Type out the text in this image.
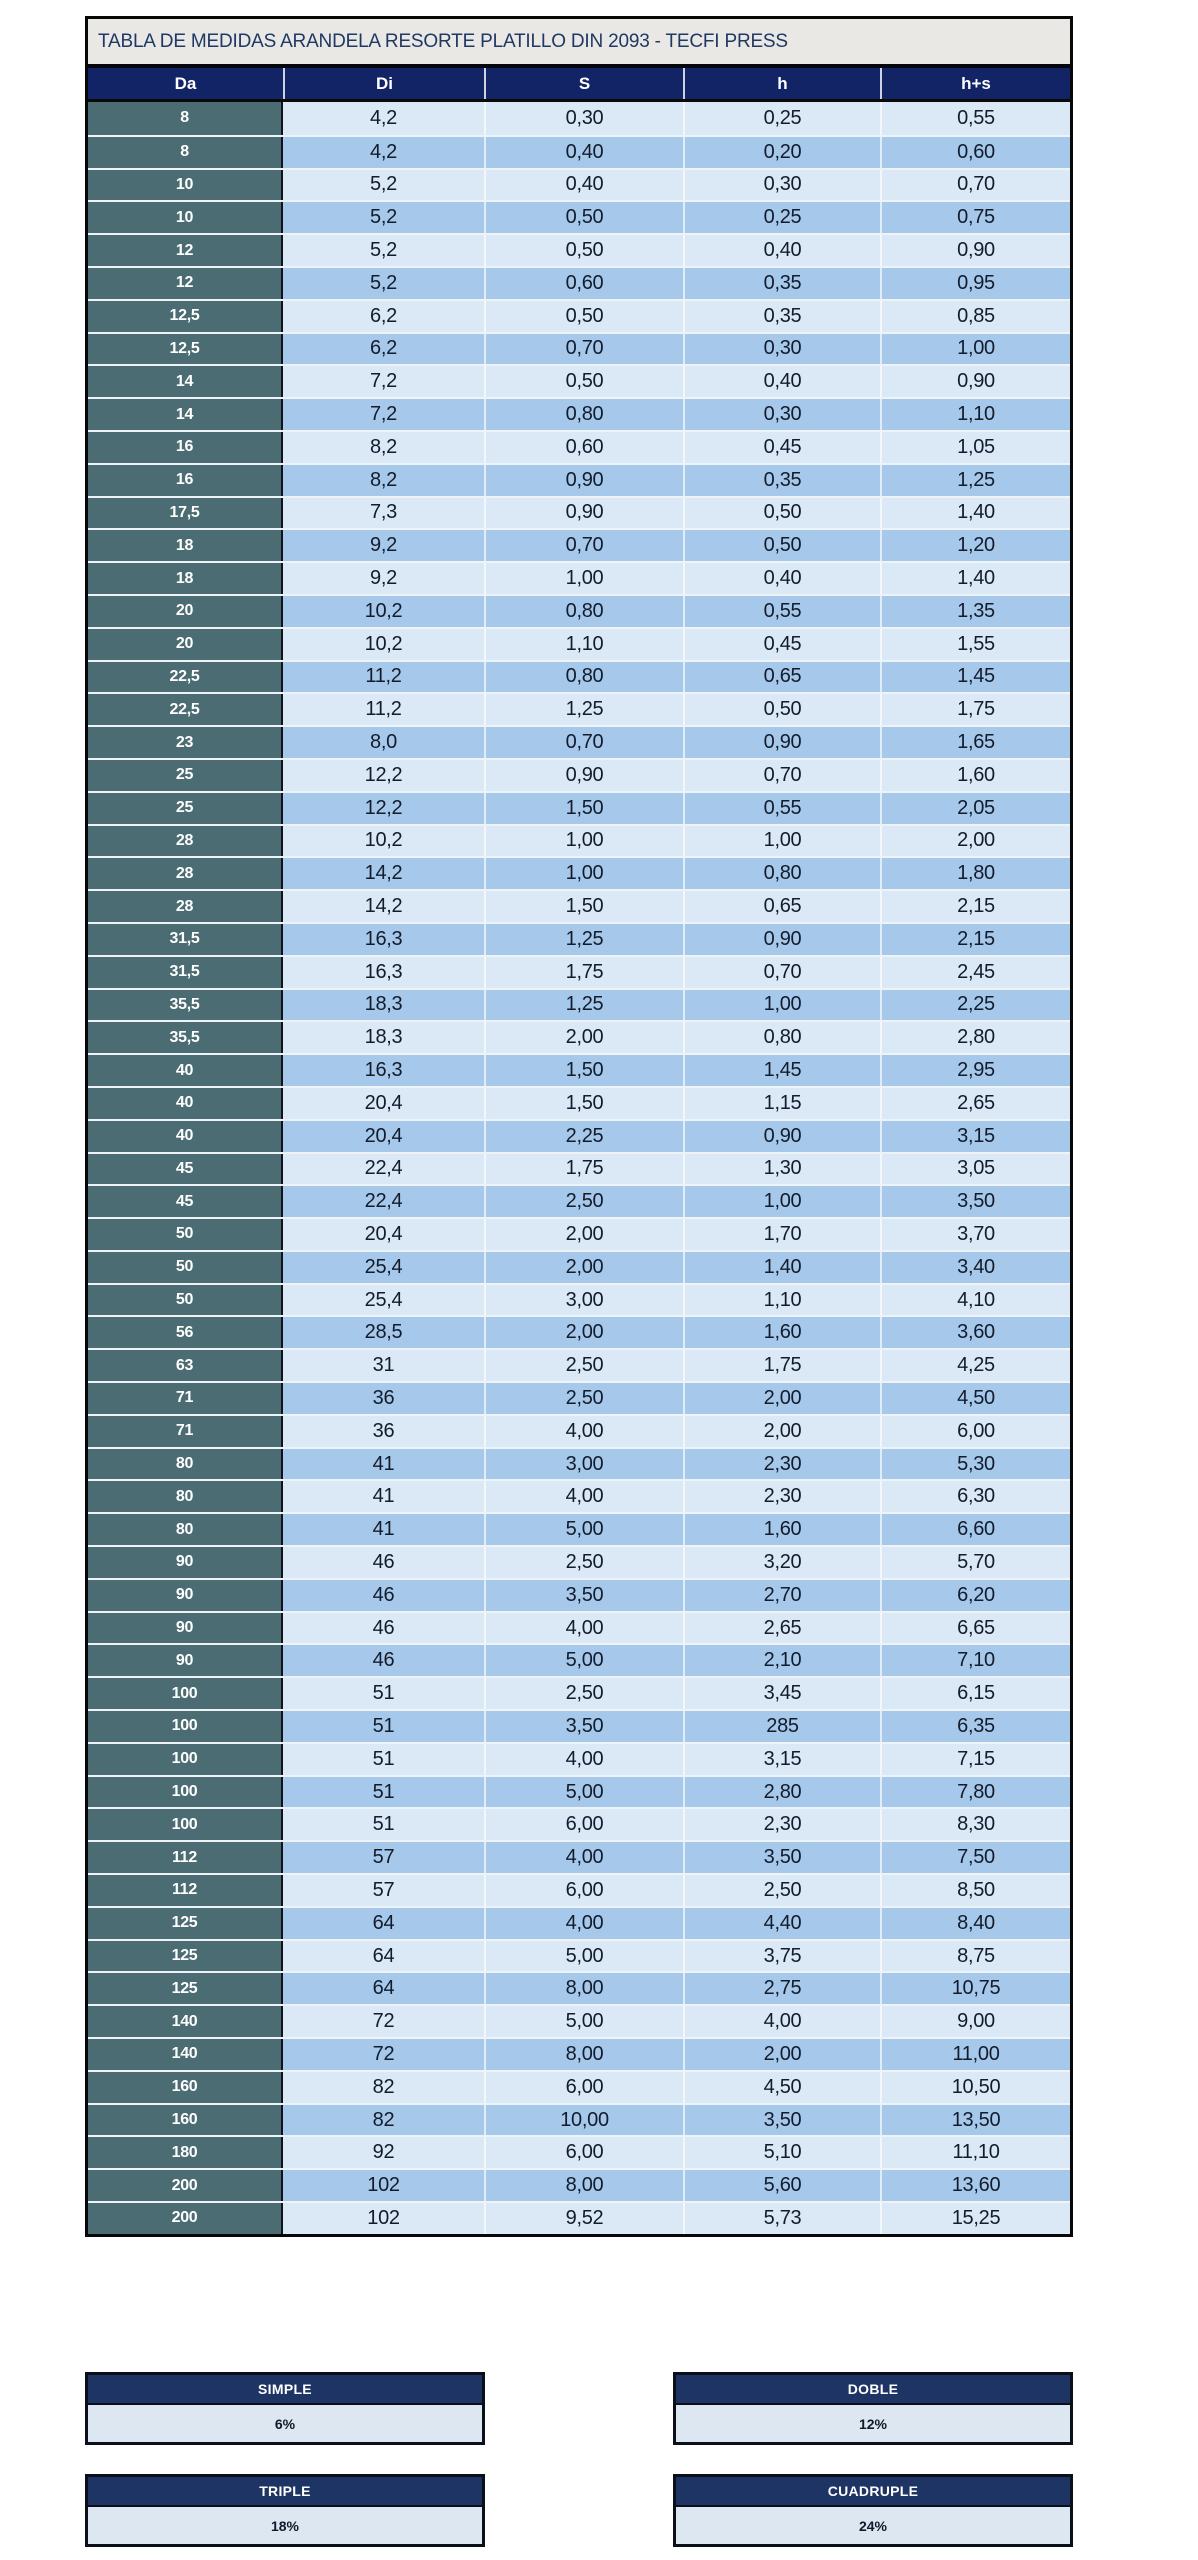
TABLA DE MEDIDAS ARANDELA RESORTE PLATILLO DIN 2093 - TECFI PRESS
Da	Di	S	h	h+s
8	4,2	0,30	0,25	0,55
8	4,2	0,40	0,20	0,60
10	5,2	0,40	0,30	0,70
10	5,2	0,50	0,25	0,75
12	5,2	0,50	0,40	0,90
12	5,2	0,60	0,35	0,95
12,5	6,2	0,50	0,35	0,85
12,5	6,2	0,70	0,30	1,00
14	7,2	0,50	0,40	0,90
14	7,2	0,80	0,30	1,10
16	8,2	0,60	0,45	1,05
16	8,2	0,90	0,35	1,25
17,5	7,3	0,90	0,50	1,40
18	9,2	0,70	0,50	1,20
18	9,2	1,00	0,40	1,40
20	10,2	0,80	0,55	1,35
20	10,2	1,10	0,45	1,55
22,5	11,2	0,80	0,65	1,45
22,5	11,2	1,25	0,50	1,75
23	8,0	0,70	0,90	1,65
25	12,2	0,90	0,70	1,60
25	12,2	1,50	0,55	2,05
28	10,2	1,00	1,00	2,00
28	14,2	1,00	0,80	1,80
28	14,2	1,50	0,65	2,15
31,5	16,3	1,25	0,90	2,15
31,5	16,3	1,75	0,70	2,45
35,5	18,3	1,25	1,00	2,25
35,5	18,3	2,00	0,80	2,80
40	16,3	1,50	1,45	2,95
40	20,4	1,50	1,15	2,65
40	20,4	2,25	0,90	3,15
45	22,4	1,75	1,30	3,05
45	22,4	2,50	1,00	3,50
50	20,4	2,00	1,70	3,70
50	25,4	2,00	1,40	3,40
50	25,4	3,00	1,10	4,10
56	28,5	2,00	1,60	3,60
63	31	2,50	1,75	4,25
71	36	2,50	2,00	4,50
71	36	4,00	2,00	6,00
80	41	3,00	2,30	5,30
80	41	4,00	2,30	6,30
80	41	5,00	1,60	6,60
90	46	2,50	3,20	5,70
90	46	3,50	2,70	6,20
90	46	4,00	2,65	6,65
90	46	5,00	2,10	7,10
100	51	2,50	3,45	6,15
100	51	3,50	285	6,35
100	51	4,00	3,15	7,15
100	51	5,00	2,80	7,80
100	51	6,00	2,30	8,30
112	57	4,00	3,50	7,50
112	57	6,00	2,50	8,50
125	64	4,00	4,40	8,40
125	64	5,00	3,75	8,75
125	64	8,00	2,75	10,75
140	72	5,00	4,00	9,00
140	72	8,00	2,00	11,00
160	82	6,00	4,50	10,50
160	82	10,00	3,50	13,50
180	92	6,00	5,10	11,10
200	102	8,00	5,60	13,60
200	102	9,52	5,73	15,25
SIMPLE
6%
DOBLE
12%
TRIPLE
18%
CUADRUPLE
24%
